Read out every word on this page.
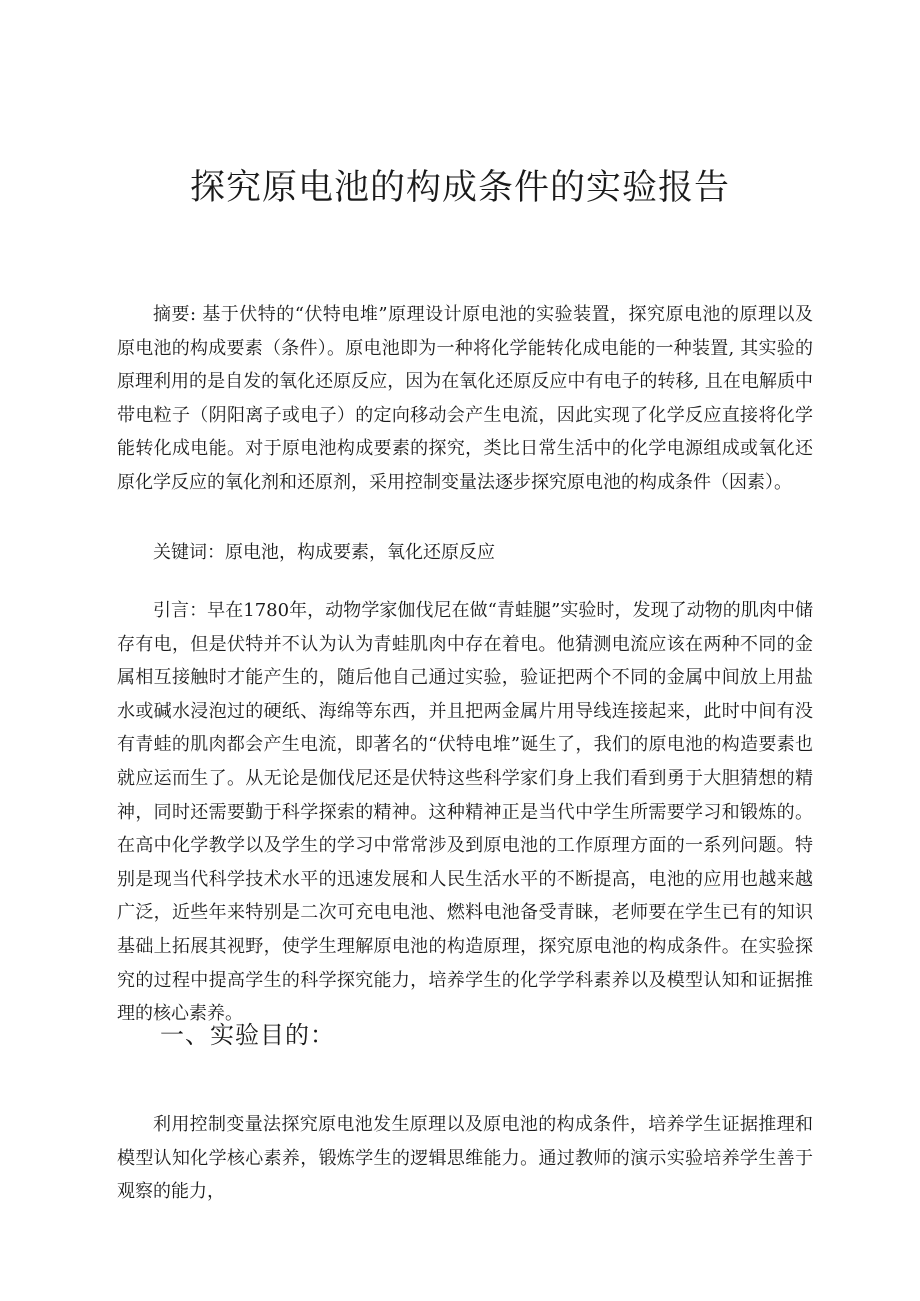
探究原电池的构成条件的实验报告

摘要: 基于伏特的“伏特电堆”原理设计原电池的实验装置，探究原电池的原理以及原电池的构成要素（条件）。原电池即为一种将化学能转化成电能的一种装置, 其实验的原理利用的是自发的氧化还原反应，因为在氧化还原反应中有电子的转移, 且在电解质中带电粒子（阴阳离子或电子）的定向移动会产生电流，因此实现了化学反应直接将化学能转化成电能。对于原电池构成要素的探究，类比日常生活中的化学电源组成或氧化还原化学反应的氧化剂和还原剂，采用控制变量法逐步探究原电池的构成条件（因素）。

关键词：原电池，构成要素，氧化还原反应

引言：早在1780年，动物学家伽伐尼在做“青蛙腿”实验时，发现了动物的肌肉中储存有电，但是伏特并不认为认为青蛙肌肉中存在着电。他猜测电流应该在两种不同的金属相互接触时才能产生的，随后他自己通过实验，验证把两个不同的金属中间放上用盐水或碱水浸泡过的硬纸、海绵等东西，并且把两金属片用导线连接起来，此时中间有没有青蛙的肌肉都会产生电流，即著名的“伏特电堆”诞生了，我们的原电池的构造要素也就应运而生了。从无论是伽伐尼还是伏特这些科学家们身上我们看到勇于大胆猜想的精神，同时还需要勤于科学探索的精神。这种精神正是当代中学生所需要学习和锻炼的。在高中化学教学以及学生的学习中常常涉及到原电池的工作原理方面的一系列问题。特别是现当代科学技术水平的迅速发展和人民生活水平的不断提高，电池的应用也越来越广泛，近些年来特别是二次可充电电池、燃料电池备受青睐，老师要在学生已有的知识基础上拓展其视野，使学生理解原电池的构造原理，探究原电池的构成条件。在实验探究的过程中提高学生的科学探究能力，培养学生的化学学科素养以及模型认知和证据推理的核心素养。

一、实验目的：

利用控制变量法探究原电池发生原理以及原电池的构成条件，培养学生证据推理和模型认知化学核心素养，锻炼学生的逻辑思维能力。通过教师的演示实验培养学生善于观察的能力，
